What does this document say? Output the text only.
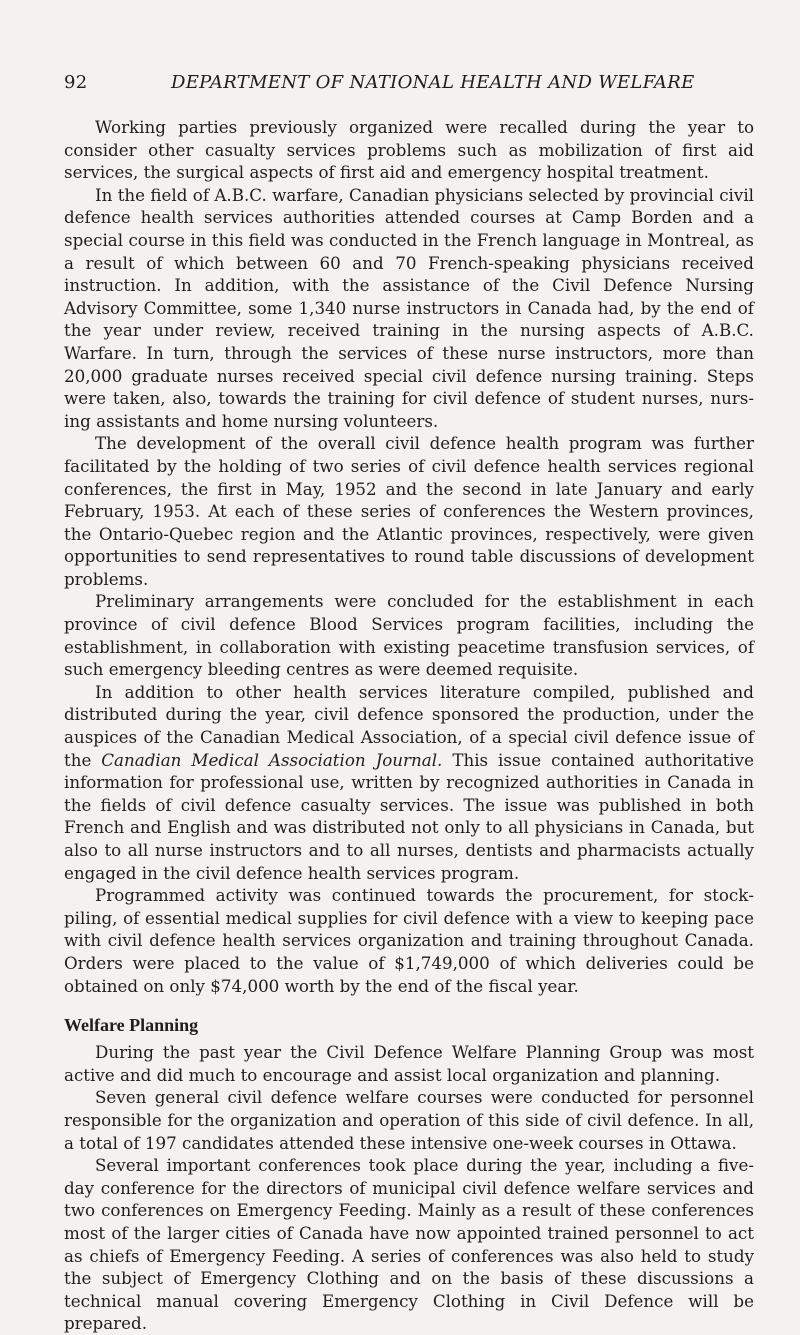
92	DEPARTMENT OF NATIONAL HEALTH AND WELFARE

Working parties previously organized were recalled during the year to consider other casualty services problems such as mobilization of first aid services, the surgical aspects of first aid and emergency hospital treatment.

In the field of A.B.C. warfare, Canadian physicians selected by provincial civil defence health services authorities attended courses at Camp Borden and a special course in this field was conducted in the French language in Montreal, as a result of which between 60 and 70 French-speaking physicians received instruction. In addition, with the assistance of the Civil Defence Nursing Advisory Committee, some 1,340 nurse instructors in Canada had, by the end of the year under review, received training in the nursing aspects of A.B.C. Warfare. In turn, through the services of these nurse instructors, more than 20,000 graduate nurses received special civil defence nursing training. Steps were taken, also, towards the training for civil defence of student nurses, nursing assistants and home nursing volunteers.

The development of the overall civil defence health program was further facilitated by the holding of two series of civil defence health services regional conferences, the first in May, 1952 and the second in late January and early February, 1953. At each of these series of conferences the Western provinces, the Ontario-Quebec region and the Atlantic provinces, respectively, were given opportunities to send representatives to round table discussions of development problems.

Preliminary arrangements were concluded for the establishment in each province of civil defence Blood Services program facilities, including the establishment, in collaboration with existing peacetime transfusion services, of such emergency bleeding centres as were deemed requisite.

In addition to other health services literature compiled, published and distributed during the year, civil defence sponsored the production, under the auspices of the Canadian Medical Association, of a special civil defence issue of the Canadian Medical Association Journal. This issue contained authoritative information for professional use, written by recognized authorities in Canada in the fields of civil defence casualty services. The issue was published in both French and English and was distributed not only to all physicians in Canada, but also to all nurse instructors and to all nurses, dentists and pharmacists actually engaged in the civil defence health services program.

Programmed activity was continued towards the procurement, for stockpiling, of essential medical supplies for civil defence with a view to keeping pace with civil defence health services organization and training throughout Canada. Orders were placed to the value of $1,749,000 of which deliveries could be obtained on only $74,000 worth by the end of the fiscal year.

Welfare Planning

During the past year the Civil Defence Welfare Planning Group was most active and did much to encourage and assist local organization and planning.

Seven general civil defence welfare courses were conducted for personnel responsible for the organization and operation of this side of civil defence. In all, a total of 197 candidates attended these intensive one-week courses in Ottawa.

Several important conferences took place during the year, including a five-day conference for the directors of municipal civil defence welfare services and two conferences on Emergency Feeding. Mainly as a result of these conferences most of the larger cities of Canada have now appointed trained personnel to act as chiefs of Emergency Feeding. A series of conferences was also held to study the subject of Emergency Clothing and on the basis of these discussions a technical manual covering Emergency Clothing in Civil Defence will be prepared.
